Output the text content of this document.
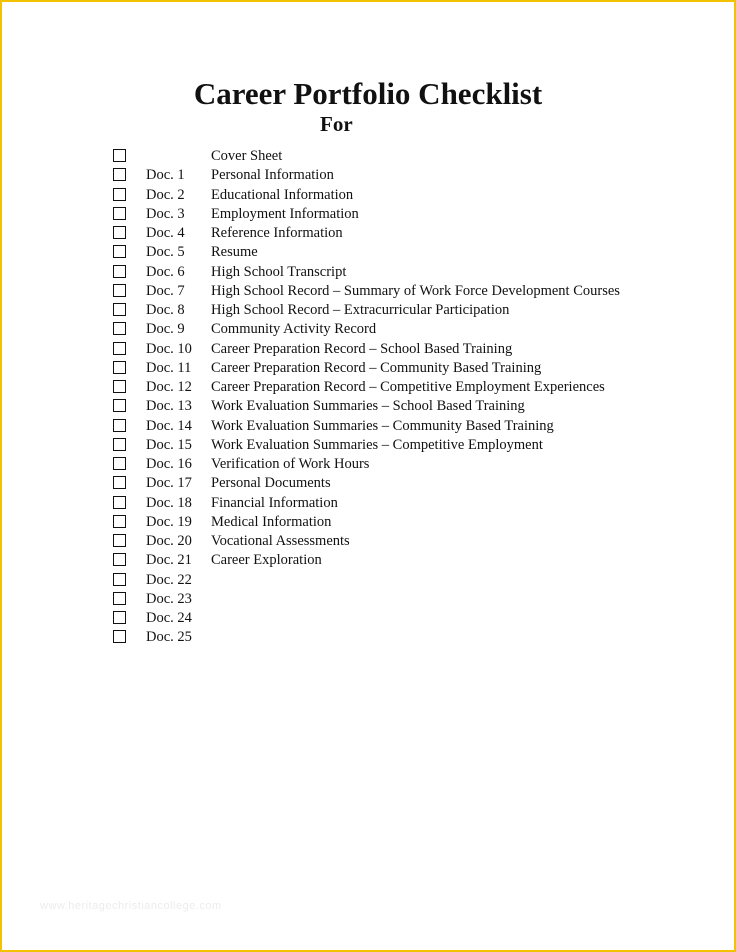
Career Portfolio Checklist
For
Cover Sheet
Doc. 1 Personal Information
Doc. 2 Educational Information
Doc. 3 Employment Information
Doc. 4 Reference Information
Doc. 5 Resume
Doc. 6 High School Transcript
Doc. 7 High School Record – Summary of Work Force Development Courses
Doc. 8 High School Record – Extracurricular Participation
Doc. 9 Community Activity Record
Doc. 10 Career Preparation Record – School Based Training
Doc. 11 Career Preparation Record – Community Based Training
Doc. 12 Career Preparation Record – Competitive Employment Experiences
Doc. 13 Work Evaluation Summaries – School Based Training
Doc. 14 Work Evaluation Summaries – Community Based Training
Doc. 15 Work Evaluation Summaries – Competitive Employment
Doc. 16 Verification of Work Hours
Doc. 17 Personal Documents
Doc. 18 Financial Information
Doc. 19 Medical Information
Doc. 20 Vocational Assessments
Doc. 21 Career Exploration
Doc. 22
Doc. 23
Doc. 24
Doc. 25
www.heritagechristiancollege.com
